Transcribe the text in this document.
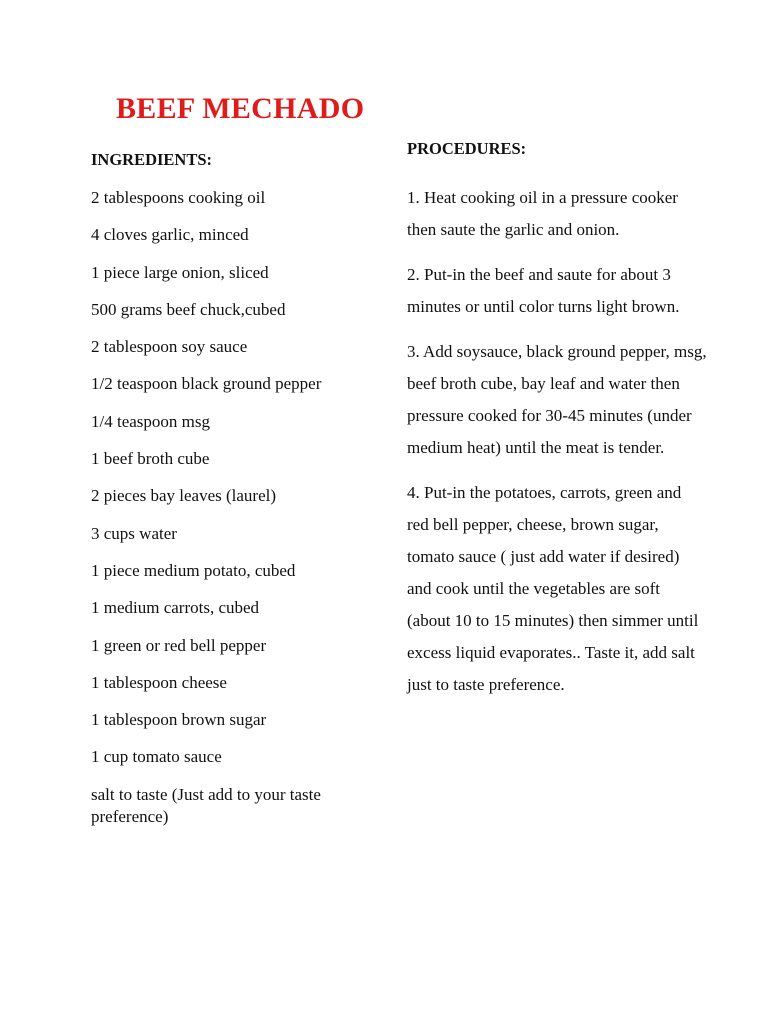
BEEF MECHADO
INGREDIENTS:
2 tablespoons cooking oil
4 cloves garlic, minced
1 piece large onion, sliced
500 grams beef chuck,cubed
2 tablespoon soy sauce
1/2 teaspoon black ground pepper
1/4 teaspoon msg
1 beef broth cube
2 pieces bay leaves (laurel)
3 cups water
1 piece medium potato, cubed
1 medium carrots, cubed
1 green or red bell pepper
1 tablespoon cheese
1 tablespoon brown sugar
1 cup tomato sauce
salt to taste (Just add to your taste preference)
PROCEDURES:
1. Heat cooking oil in a pressure cooker then saute the garlic and onion.
2. Put-in the beef and saute for about 3 minutes or until color turns light brown.
3. Add soysauce, black ground pepper, msg, beef broth cube, bay leaf and water then pressure cooked for 30-45 minutes (under medium heat) until the meat is tender.
4. Put-in the potatoes, carrots, green and red bell pepper, cheese, brown sugar, tomato sauce ( just add water if desired) and cook until the vegetables are soft (about 10 to 15 minutes) then simmer until excess liquid evaporates.. Taste it, add salt just to taste preference.
